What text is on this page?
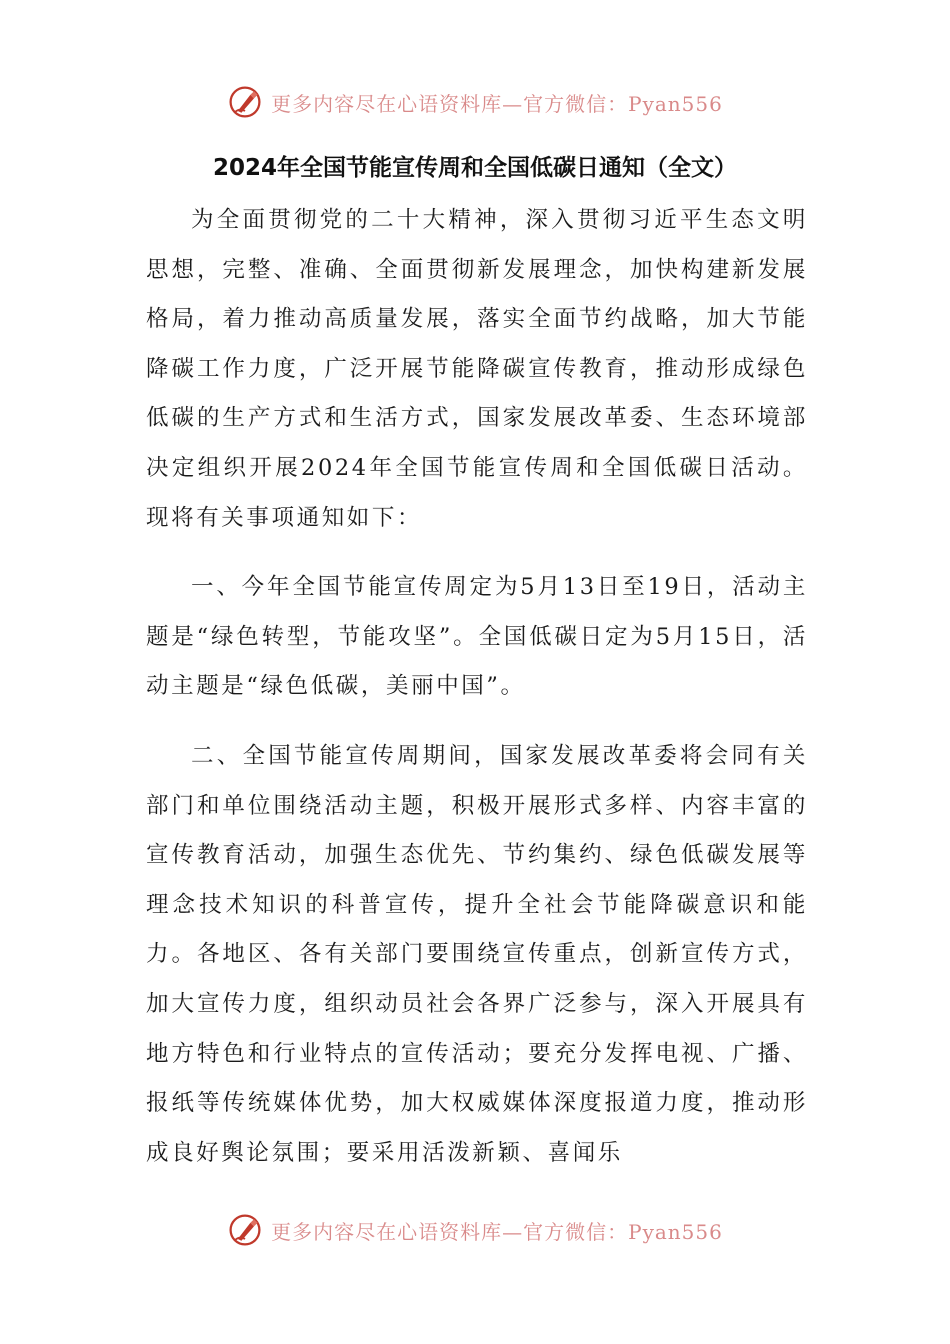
更多内容尽在心语资料库—官方微信：Pyan556
2024年全国节能宣传周和全国低碳日通知（全文）

为全面贯彻党的二十大精神，深入贯彻习近平生态文明思想，完整、准确、全面贯彻新发展理念，加快构建新发展格局，着力推动高质量发展，落实全面节约战略，加大节能降碳工作力度，广泛开展节能降碳宣传教育，推动形成绿色低碳的生产方式和生活方式，国家发展改革委、生态环境部决定组织开展2024年全国节能宣传周和全国低碳日活动。现将有关事项通知如下：

一、今年全国节能宣传周定为5月13日至19日，活动主题是“绿色转型，节能攻坚”。全国低碳日定为5月15日，活动主题是“绿色低碳，美丽中国”。

二、全国节能宣传周期间，国家发展改革委将会同有关部门和单位围绕活动主题，积极开展形式多样、内容丰富的宣传教育活动，加强生态优先、节约集约、绿色低碳发展等理念技术知识的科普宣传，提升全社会节能降碳意识和能力。各地区、各有关部门要围绕宣传重点，创新宣传方式，加大宣传力度，组织动员社会各界广泛参与，深入开展具有地方特色和行业特点的宣传活动；要充分发挥电视、广播、报纸等传统媒体优势，加大权威媒体深度报道力度，推动形成良好舆论氛围；要采用活泼新颖、喜闻乐

更多内容尽在心语资料库—官方微信：Pyan556
